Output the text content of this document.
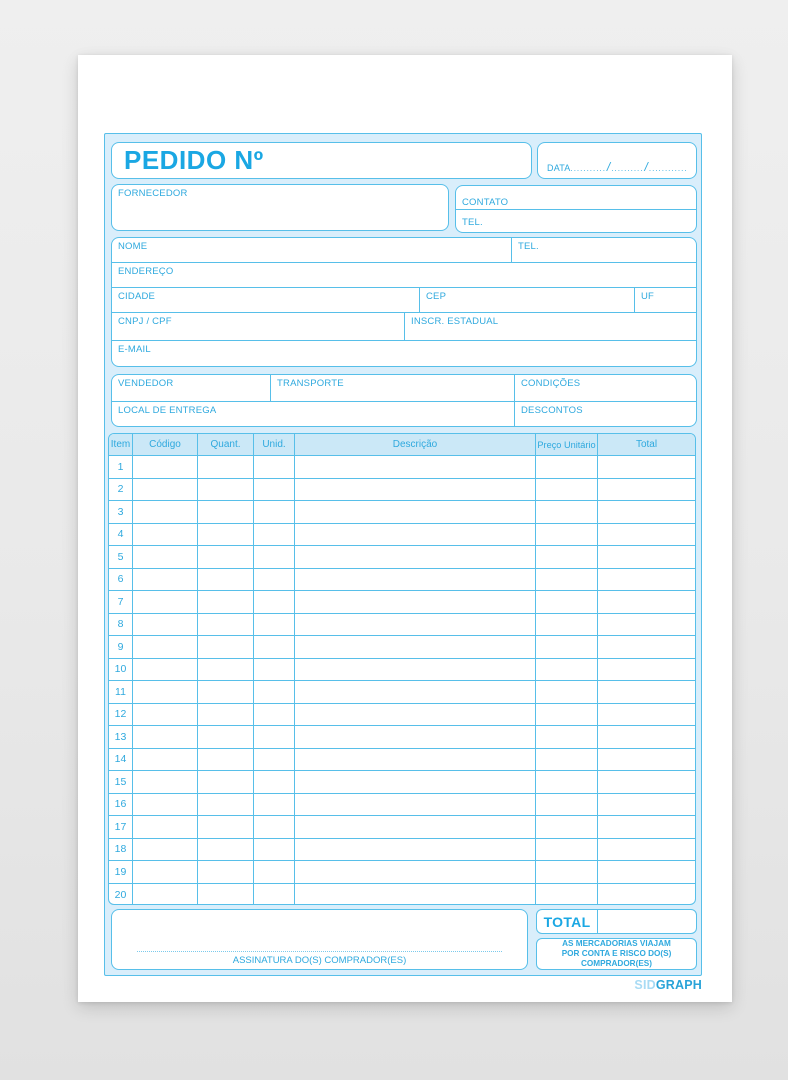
PEDIDO Nº	DATA ........... / .......... / ............
FORNECEDOR
CONTATO
TEL.
NOME	TEL.
ENDEREÇO
CIDADE	CEP	UF
CNPJ / CPF	INSCR. ESTADUAL
E-MAIL
VENDEDOR	TRANSPORTE	CONDIÇÕES
LOCAL DE ENTREGA	DESCONTOS
Item	Código	Quant.	Unid.	Descrição	Preço Unitário	Total
1
2
3
4
5
6
7
8
9
10
11
12
13
14
15
16
17
18
19
20
ASSINATURA DO(S) COMPRADOR(ES)
TOTAL
AS MERCADORIAS VIAJAM
POR CONTA E RISCO DO(S)
COMPRADOR(ES)
SIDGRAPH
